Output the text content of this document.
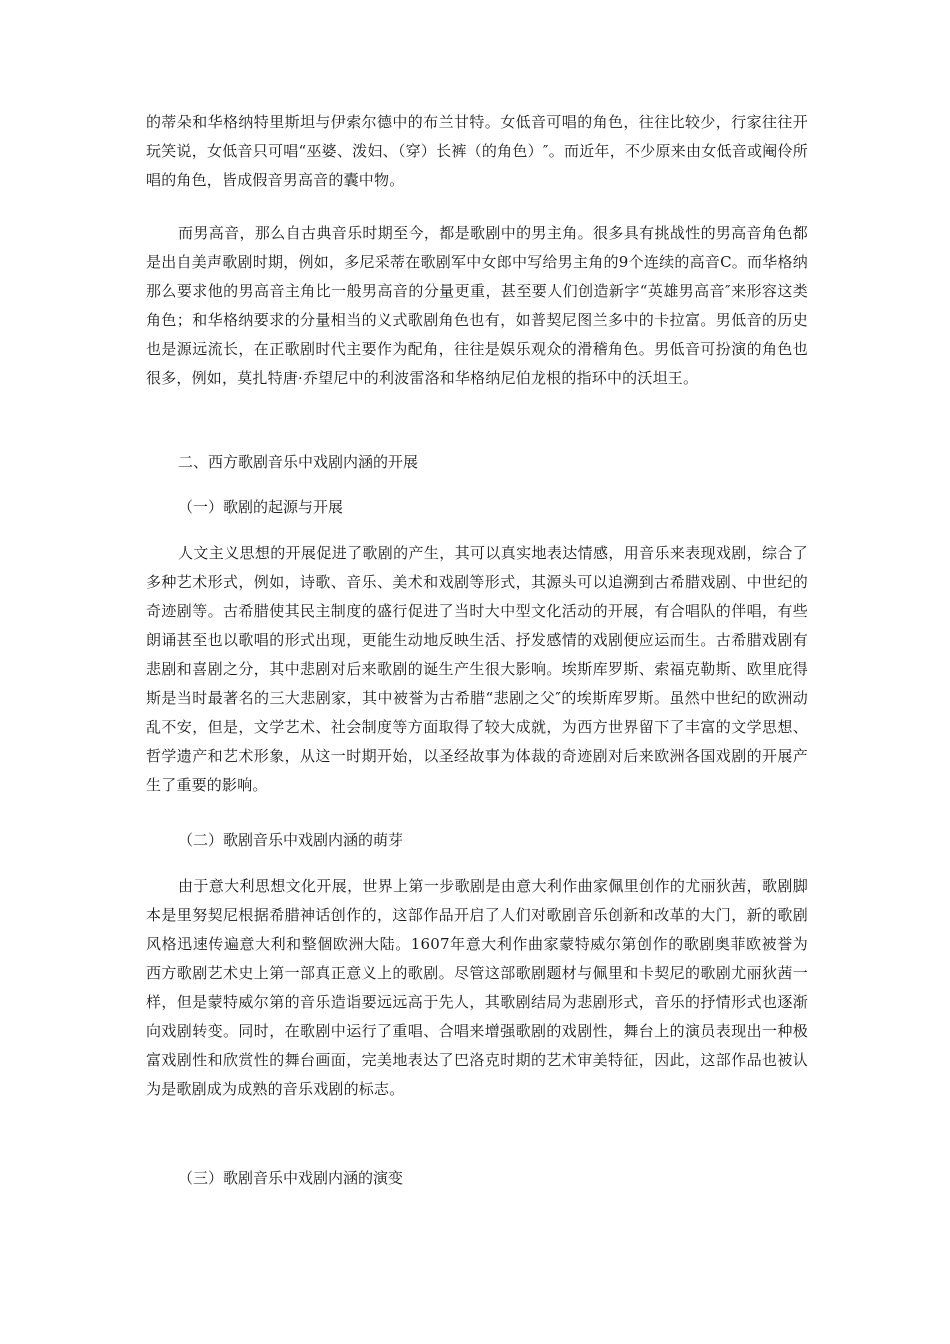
的蒂朵和华格纳特里斯坦与伊索尔德中的布兰甘特。女低音可唱的角色，往往比较少，行家往往开玩笑说，女低音只可唱“巫婆、泼妇、（穿）长裤（的角色）″。而近年，不少原来由女低音或阉伶所唱的角色，皆成假音男高音的囊中物。

而男高音，那么自古典音乐时期至今，都是歌剧中的男主角。很多具有挑战性的男高音角色都是出自美声歌剧时期，例如，多尼采蒂在歌剧军中女郎中写给男主角的9个连续的高音C。而华格纳那么要求他的男高音主角比一般男高音的分量更重，甚至要人们创造新字“英雄男高音″来形容这类角色；和华格纳要求的分量相当的义式歌剧角色也有，如普契尼图兰多中的卡拉富。男低音的历史也是源远流长，在正歌剧时代主要作为配角，往往是娱乐观众的滑稽角色。男低音可扮演的角色也很多，例如，莫扎特唐·乔望尼中的利波雷洛和华格纳尼伯龙根的指环中的沃坦王。

二、西方歌剧音乐中戏剧内涵的开展

（一）歌剧的起源与开展

人文主义思想的开展促进了歌剧的产生，其可以真实地表达情感，用音乐来表现戏剧，综合了多种艺术形式，例如，诗歌、音乐、美术和戏剧等形式，其源头可以追溯到古希腊戏剧、中世纪的奇迹剧等。古希腊使其民主制度的盛行促进了当时大中型文化活动的开展，有合唱队的伴唱，有些朗诵甚至也以歌唱的形式出现，更能生动地反映生活、抒发感情的戏剧便应运而生。古希腊戏剧有悲剧和喜剧之分，其中悲剧对后来歌剧的诞生产生很大影响。埃斯库罗斯、索福克勒斯、欧里庇得斯是当时最著名的三大悲剧家，其中被誉为古希腊“悲剧之父″的埃斯库罗斯。虽然中世纪的欧洲动乱不安，但是，文学艺术、社会制度等方面取得了较大成就，为西方世界留下了丰富的文学思想、哲学遗产和艺术形象，从这一时期开始，以圣经故事为体裁的奇迹剧对后来欧洲各国戏剧的开展产生了重要的影响。

（二）歌剧音乐中戏剧内涵的萌芽

由于意大利思想文化开展，世界上第一步歌剧是由意大利作曲家佩里创作的尤丽狄茜，歌剧脚本是里努契尼根据希腊神话创作的，这部作品开启了人们对歌剧音乐创新和改革的大门，新的歌剧风格迅速传遍意大利和整個欧洲大陆。1607年意大利作曲家蒙特威尔第创作的歌剧奥菲欧被誉为西方歌剧艺术史上第一部真正意义上的歌剧。尽管这部歌剧题材与佩里和卡契尼的歌剧尤丽狄茜一样，但是蒙特威尔第的音乐造诣要远远高于先人，其歌剧结局为悲剧形式，音乐的抒情形式也逐渐向戏剧转变。同时，在歌剧中运行了重唱、合唱来增强歌剧的戏剧性，舞台上的演员表现出一种极富戏剧性和欣赏性的舞台画面，完美地表达了巴洛克时期的艺术审美特征，因此，这部作品也被认为是歌剧成为成熟的音乐戏剧的标志。

（三）歌剧音乐中戏剧内涵的演变
